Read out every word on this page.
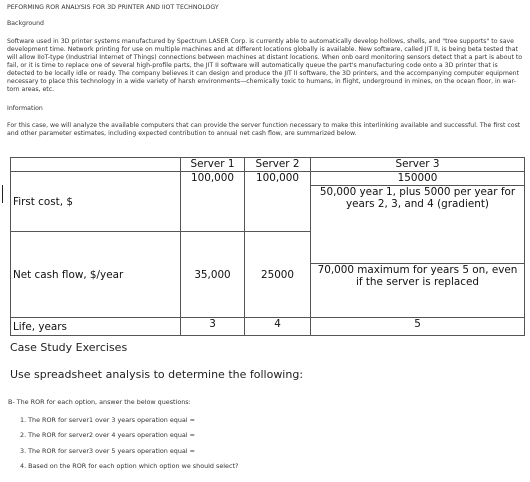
PEFORMING ROR ANALYSIS FOR 3D PRINTER AND IIOT TECHNOLOGY
Background
Software used in 3D printer systems manufactured by Spectrum LASER Corp. is currently able to automatically develop hollows, shells, and "tree supports" to save development time. Network printing for use on multiple machines and at different locations globally is available. New software, called JIT II, is being beta tested that will allow IIoT-type (Industrial Internet of Things) connections between machines at distant locations. When onb oard monitoring sensors detect that a part is about to fail, or it is time to replace one of several high-profile parts, the JIT II software will automatically queue the part's manufacturing code onto a 3D printer that is detected to be locally idle or ready. The company believes it can design and produce the JIT II software, the 3D printers, and the accompanying computer equipment necessary to place this technology in a wide variety of harsh environments—chemically toxic to humans, in flight, underground in mines, on the ocean floor, in war-torn areas, etc.
Information
For this case, we will analyze the available computers that can provide the server function necessary to make this interlinking available and successful. The first cost and other parameter estimates, including expected contribution to annual net cash flow, are summarized below.
	Server 1	Server 2	Server 3
First cost, $	100,000	100,000	150000
			50,000 year 1, plus 5000 per year for years 2, 3, and 4 (gradient)
Net cash flow, $/year	35,000	25000	
			70,000 maximum for years 5 on, even if the server is replaced
Life, years	3	4	5
Case Study Exercises
Use spreadsheet analysis to determine the following:
B- The ROR for each option, answer the below questions:
1. The ROR for server1 over 3 years operation equal =
2. The ROR for server2 over 4 years operation equal =
3. The ROR for server3 over 5 years operation equal =
4. Based on the ROR for each option which option we should select?
